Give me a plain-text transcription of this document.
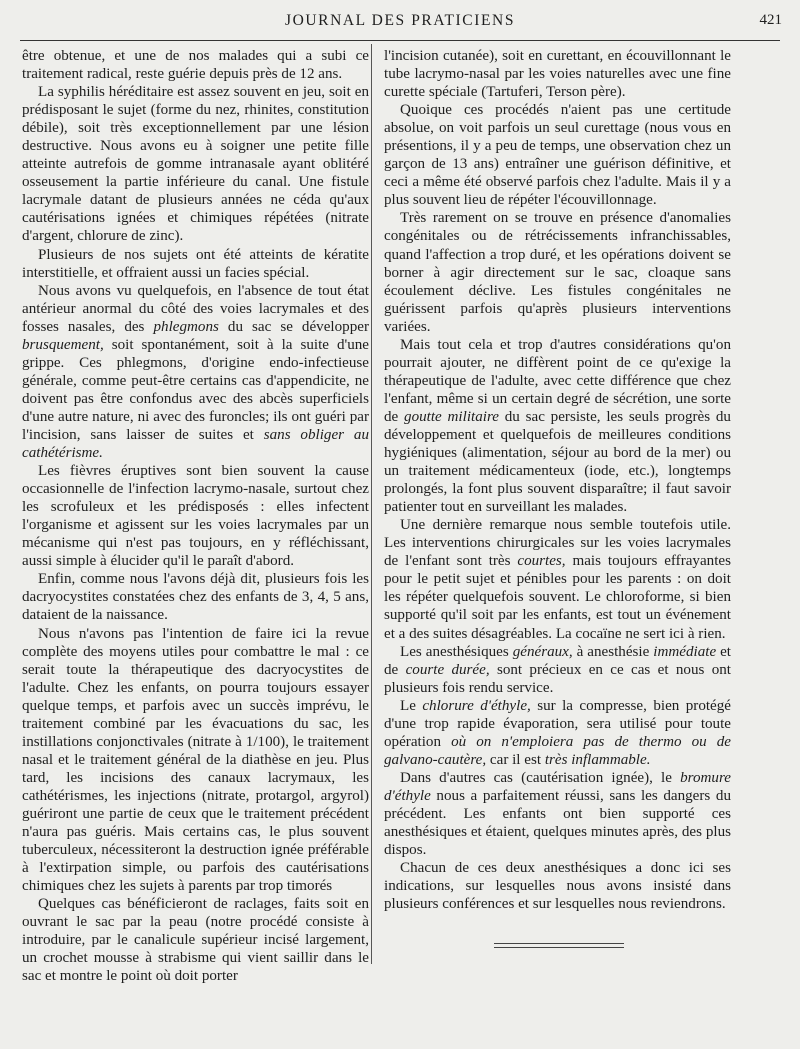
JOURNAL DES PRATICIENS	421

être obtenue, et une de nos malades qui a subi ce traitement radical, reste guérie depuis près de 12 ans.

La syphilis héréditaire est assez souvent en jeu, soit en prédisposant le sujet (forme du nez, rhinites, constitution débile), soit très exceptionnellement par une lésion destructive. Nous avons eu à soigner une petite fille atteinte autrefois de gomme intranasale ayant oblitéré osseusement la partie inférieure du canal. Une fistule lacrymale datant de plusieurs années ne céda qu'aux cautérisations ignées et chimiques répétées (nitrate d'argent, chlorure de zinc).

Plusieurs de nos sujets ont été atteints de kératite interstitielle, et offraient aussi un facies spécial.

Nous avons vu quelquefois, en l'absence de tout état antérieur anormal du côté des voies lacrymales et des fosses nasales, des phlegmons du sac se développer brusquement, soit spontanément, soit à la suite d'une grippe. Ces phlegmons, d'origine endo-infectieuse générale, comme peut-être certains cas d'appendicite, ne doivent pas être confondus avec des abcès superficiels d'une autre nature, ni avec des furoncles; ils ont guéri par l'incision, sans laisser de suites et sans obliger au cathétérisme.

Les fièvres éruptives sont bien souvent la cause occasionnelle de l'infection lacrymo-nasale, surtout chez les scrofuleux et les prédisposés : elles infectent l'organisme et agissent sur les voies lacrymales par un mécanisme qui n'est pas toujours, en y réfléchissant, aussi simple à élucider qu'il le paraît d'abord.

Enfin, comme nous l'avons déjà dit, plusieurs fois les dacryocystites constatées chez des enfants de 3, 4, 5 ans, dataient de la naissance.

Nous n'avons pas l'intention de faire ici la revue complète des moyens utiles pour combattre le mal : ce serait toute la thérapeutique des dacryocystites de l'adulte. Chez les enfants, on pourra toujours essayer quelque temps, et parfois avec un succès imprévu, le traitement combiné par les évacuations du sac, les instillations conjonctivales (nitrate à 1/100), le traitement nasal et le traitement général de la diathèse en jeu. Plus tard, les incisions des canaux lacrymaux, les cathétérismes, les injections (nitrate, protargol, argyrol) guériront une partie de ceux que le traitement précédent n'aura pas guéris. Mais certains cas, le plus souvent tuberculeux, nécessiteront la destruction ignée préférable à l'extirpation simple, ou parfois des cautérisations chimiques chez les sujets à parents par trop timorés

Quelques cas bénéficieront de raclages, faits soit en ouvrant le sac par la peau (notre procédé consiste à introduire, par le canalicule supérieur incisé largement, un crochet mousse à strabisme qui vient saillir dans le sac et montre le point où doit porter

l'incision cutanée), soit en curettant, en écouvillonnant le tube lacrymo-nasal par les voies naturelles avec une fine curette spéciale (Tartuferi, Terson père).

Quoique ces procédés n'aient pas une certitude absolue, on voit parfois un seul curettage (nous vous en présentions, il y a peu de temps, une observation chez un garçon de 13 ans) entraîner une guérison définitive, et ceci a même été observé parfois chez l'adulte. Mais il y a plus souvent lieu de répéter l'écouvillonnage.

Très rarement on se trouve en présence d'anomalies congénitales ou de rétrécissements infranchissables, quand l'affection a trop duré, et les opérations doivent se borner à agir directement sur le sac, cloaque sans écoulement déclive. Les fistules congénitales ne guérissent parfois qu'après plusieurs interventions variées.

Mais tout cela et trop d'autres considérations qu'on pourrait ajouter, ne diffèrent point de ce qu'exige la thérapeutique de l'adulte, avec cette différence que chez l'enfant, même si un certain degré de sécrétion, une sorte de goutte militaire du sac persiste, les seuls progrès du développement et quelquefois de meilleures conditions hygiéniques (alimentation, séjour au bord de la mer) ou un traitement médicamenteux (iode, etc.), longtemps prolongés, la font plus souvent disparaître; il faut savoir patienter tout en surveillant les malades.

Une dernière remarque nous semble toutefois utile. Les interventions chirurgicales sur les voies lacrymales de l'enfant sont très courtes, mais toujours effrayantes pour le petit sujet et pénibles pour les parents : on doit les répéter quelquefois souvent. Le chloroforme, si bien supporté qu'il soit par les enfants, est tout un événement et a des suites désagréables. La cocaïne ne sert ici à rien.

Les anesthésiques généraux, à anesthésie immédiate et de courte durée, sont précieux en ce cas et nous ont plusieurs fois rendu service.

Le chlorure d'éthyle, sur la compresse, bien protégé d'une trop rapide évaporation, sera utilisé pour toute opération où on n'emploiera pas de thermo ou de galvano-cautère, car il est très inflammable.

Dans d'autres cas (cautérisation ignée), le bromure d'éthyle nous a parfaitement réussi, sans les dangers du précédent. Les enfants ont bien supporté ces anesthésiques et étaient, quelques minutes après, des plus dispos.

Chacun de ces deux anesthésiques a donc ici ses indications, sur lesquelles nous avons insisté dans plusieurs conférences et sur lesquelles nous reviendrons.
